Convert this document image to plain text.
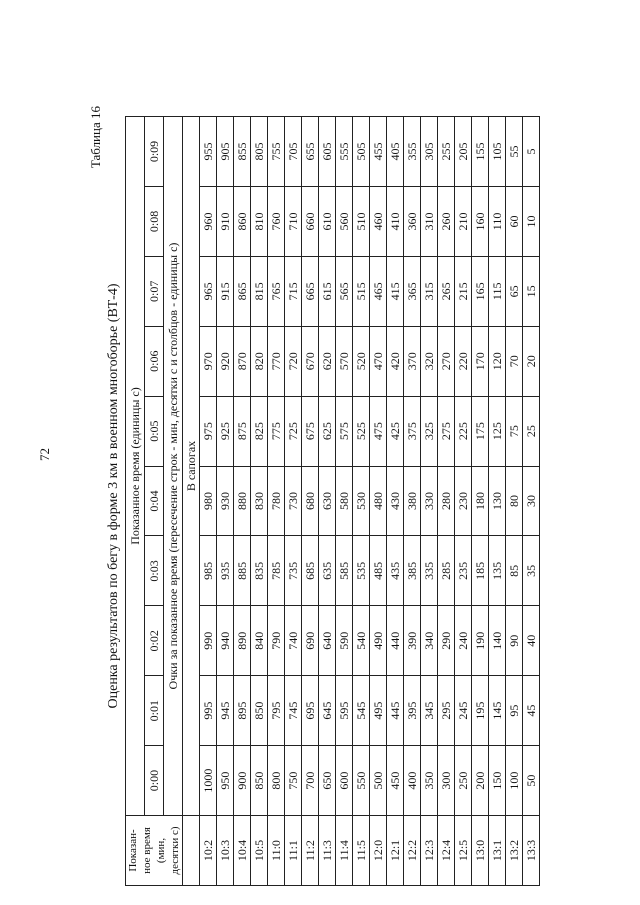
72
Таблица 16
Оценка результатов по бегу в форме 3 км в военном многоборье (ВТ-4)
Показан- ное время (мин, десятки с)	Показанное время (единицы с)									
	0:00	0:01	0:02	0:03	0:04	0:05	0:06	0:07	0:08	0:09
	Очки за показанное время (пересечение строк - мин, десятки с и столбцов - единицы с)									
	В сапогах									
10:2	1000	995	990	985	980	975	970	965	960	955
10:3	950	945	940	935	930	925	920	915	910	905
10:4	900	895	890	885	880	875	870	865	860	855
10:5	850	850	840	835	830	825	820	815	810	805
11:0	800	795	790	785	780	775	770	765	760	755
11:1	750	745	740	735	730	725	720	715	710	705
11:2	700	695	690	685	680	675	670	665	660	655
11:3	650	645	640	635	630	625	620	615	610	605
11:4	600	595	590	585	580	575	570	565	560	555
11:5	550	545	540	535	530	525	520	515	510	505
12:0	500	495	490	485	480	475	470	465	460	455
12:1	450	445	440	435	430	425	420	415	410	405
12:2	400	395	390	385	380	375	370	365	360	355
12:3	350	345	340	335	330	325	320	315	310	305
12:4	300	295	290	285	280	275	270	265	260	255
12:5	250	245	240	235	230	225	220	215	210	205
13:0	200	195	190	185	180	175	170	165	160	155
13:1	150	145	140	135	130	125	120	115	110	105
13:2	100	95	90	85	80	75	70	65	60	55
13:3	50	45	40	35	30	25	20	15	10	5
